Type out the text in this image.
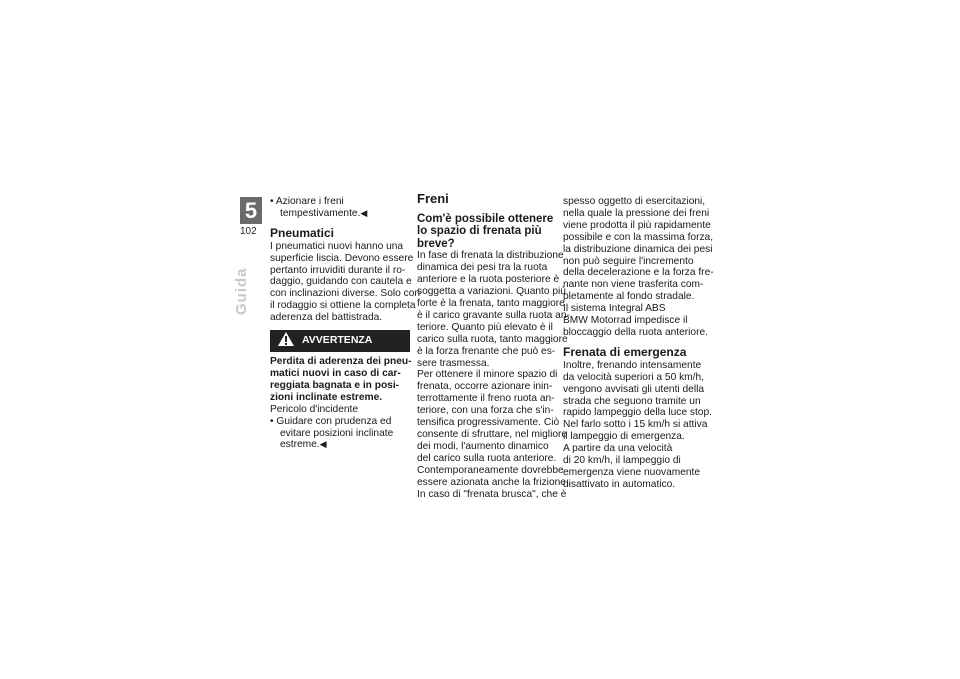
5
102
Guida
• Azionare i freni
tempestivamente.◀
Pneumatici
I pneumatici nuovi hanno una
superficie liscia. Devono essere
pertanto irruviditi durante il ro-
daggio, guidando con cautela e
con inclinazioni diverse. Solo con
il rodaggio si ottiene la completa
aderenza del battistrada.
AVVERTENZA
Perdita di aderenza dei pneu-
matici nuovi in caso di car-
reggiata bagnata e in posi-
zioni inclinate estreme.
Pericolo d'incidente
• Guidare con prudenza ed
evitare posizioni inclinate
estreme.◀
Freni
Com'è possibile ottenere
lo spazio di frenata più
breve?
In fase di frenata la distribuzione
dinamica dei pesi tra la ruota
anteriore e la ruota posteriore è
soggetta a variazioni. Quanto più
forte è la frenata, tanto maggiore
è il carico gravante sulla ruota an-
teriore. Quanto più elevato è il
carico sulla ruota, tanto maggiore
è la forza frenante che può es-
sere trasmessa.
Per ottenere il minore spazio di
frenata, occorre azionare inin-
terrottamente il freno ruota an-
teriore, con una forza che s'in-
tensifica progressivamente. Ciò
consente di sfruttare, nel migliore
dei modi, l'aumento dinamico
del carico sulla ruota anteriore.
Contemporaneamente dovrebbe
essere azionata anche la frizione.
In caso di "frenata brusca", che è
spesso oggetto di esercitazioni,
nella quale la pressione dei freni
viene prodotta il più rapidamente
possibile e con la massima forza,
la distribuzione dinamica dei pesi
non può seguire l'incremento
della decelerazione e la forza fre-
nante non viene trasferita com-
pletamente al fondo stradale.
Il sistema Integral ABS
BMW Motorrad impedisce il
bloccaggio della ruota anteriore.
Frenata di emergenza
Inoltre, frenando intensamente
da velocità superiori a 50 km/h,
vengono avvisati gli utenti della
strada che seguono tramite un
rapido lampeggio della luce stop.
Nel farlo sotto i 15 km/h si attiva
il lampeggio di emergenza.
A partire da una velocità
di 20 km/h, il lampeggio di
emergenza viene nuovamente
disattivato in automatico.
